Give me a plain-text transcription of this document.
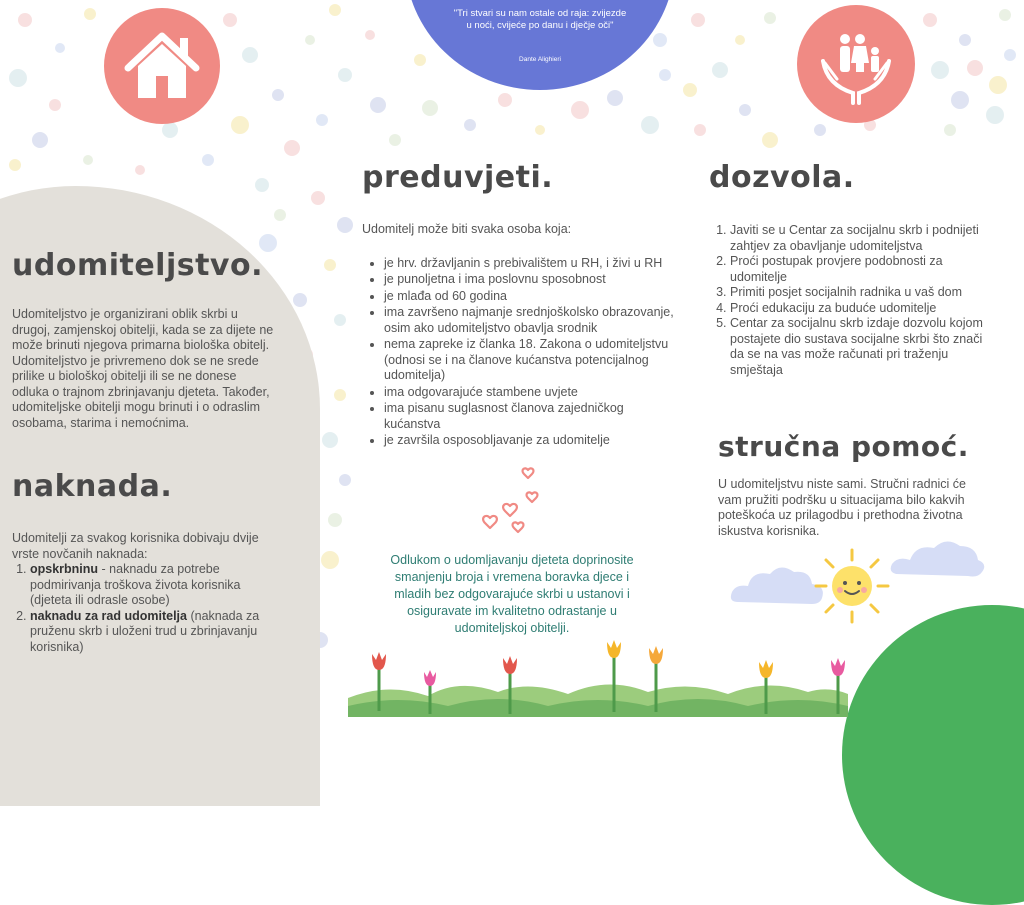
"Tri stvari su nam ostale od raja: zvijezde u noći, cvijeće po danu i dječje oči"
Dante Alighieri
udomiteljstvo.

Udomiteljstvo je organizirani oblik skrbi u drugoj, zamjenskoj obitelji, kada se za dijete ne može brinuti njegova primarna biološka obitelj. Udomiteljstvo je privremeno dok se ne srede prilike u biološkoj obitelji ili se ne donese odluka o trajnom zbrinjavanju djeteta. Također, udomiteljske obitelji mogu brinuti i o odraslim osobama, starima i nemoćnima.

naknada.
Udomitelji za svakog korisnika dobivaju dvije vrste novčanih naknada:
1. opskrbninu - naknadu za potrebe podmirivanja troškova života korisnika (djeteta ili odrasle osobe)
2. naknadu za rad udomitelja (naknada za pruženu skrb i uloženi trud u zbrinjavanju korisnika)
preduvjeti.
Udomitelj može biti svaka osoba koja:
• je hrv. državljanin s prebivalištem u RH, i živi u RH
• je punoljetna i ima poslovnu sposobnost
• je mlađa od 60 godina
• ima završeno najmanje srednjoškolsko obrazovanje, osim ako udomiteljstvo obavlja srodnik
• nema zapreke iz članka 18. Zakona o udomiteljstvu (odnosi se i na članove kućanstva potencijalnog udomitelja)
• ima odgovarajuće stambene uvjete
• ima pisanu suglasnost članova zajedničkog kućanstva
• je završila osposobljavanje za udomitelje

Odlukom o udomljavanju djeteta doprinosite smanjenju broja i vremena boravka djece i mladih bez odgovarajuće skrbi u ustanovi i osiguravate im kvalitetno odrastanje u udomiteljskoj obitelji.

dozvola.
1. Javiti se u Centar za socijalnu skrb i podnijeti zahtjev za obavljanje udomiteljstva
2. Proći postupak provjere podobnosti za udomitelje
3. Primiti posjet socijalnih radnika u vaš dom
4. Proći edukaciju za buduće udomitelje
5. Centar za socijalnu skrb izdaje dozvolu kojom postajete dio sustava socijalne skrbi što znači da se na vas može računati pri traženju smještaja
stručna pomoć.

U udomiteljstvu niste sami. Stručni radnici će vam pružiti podršku u situacijama bilo kakvih poteškoća uz prilagodbu i prethodna životna iskustva korisnika.
